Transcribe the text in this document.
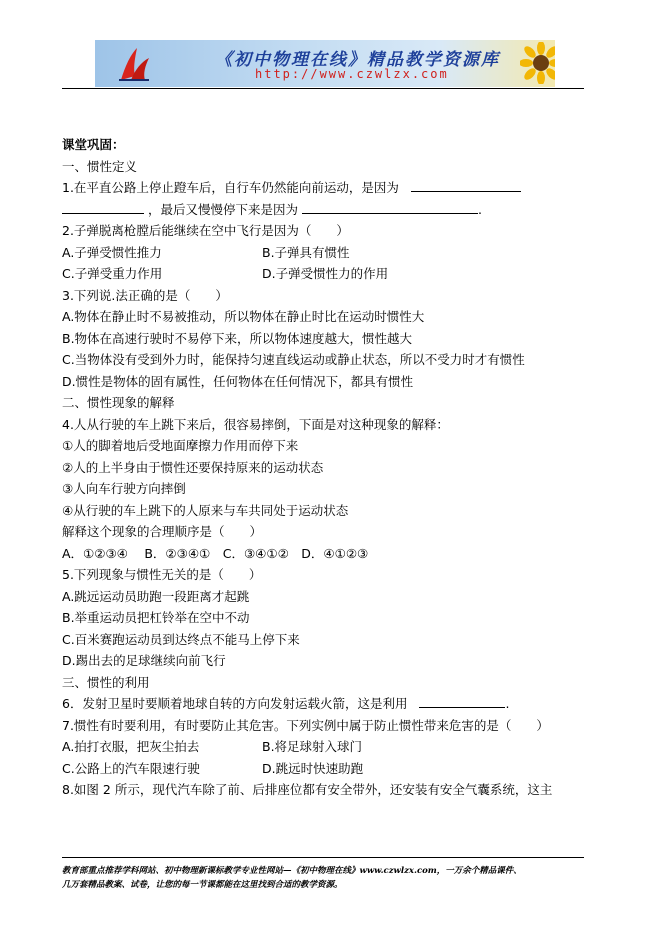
《初中物理在线》精品教学资源库
http://www.czwlzx.com
课堂巩固：
一、惯性定义
1.在平直公路上停止蹬车后，自行车仍然能向前运动，是因为
，最后又慢慢停下来是因为	.
2.子弹脱离枪膛后能继续在空中飞行是因为（　　）
A.子弹受惯性推力	B.子弹具有惯性
C.子弹受重力作用	D.子弹受惯性力的作用
3.下列说.法正确的是（　　）
A.物体在静止时不易被推动，所以物体在静止时比在运动时惯性大
B.物体在高速行驶时不易停下来，所以物体速度越大，惯性越大
C.当物体没有受到外力时，能保持匀速直线运动或静止状态，所以不受力时才有惯性
D.惯性是物体的固有属性，任何物体在任何情况下，都具有惯性
二、惯性现象的解释
4.人从行驶的车上跳下来后，很容易摔倒，下面是对这种现象的解释：
①人的脚着地后受地面摩擦力作用而停下来
②人的上半身由于惯性还要保持原来的运动状态
③人向车行驶方向摔倒
④从行驶的车上跳下的人原来与车共同处于运动状态
解释这个现象的合理顺序是（　　）
A．①②③④　 B．②③④①　C．③④①②　D．④①②③
5.下列现象与惯性无关的是（　　）
A.跳远运动员助跑一段距离才起跳
B.举重运动员把杠铃举在空中不动
C.百米赛跑运动员到达终点不能马上停下来
D.踢出去的足球继续向前飞行
三、惯性的利用
6．发射卫星时要顺着地球自转的方向发射运载火箭，这是利用	.
7.惯性有时要利用，有时要防止其危害。下列实例中属于防止惯性带来危害的是（　　）
A.拍打衣服，把灰尘拍去	B.将足球射入球门
C.公路上的汽车限速行驶	D.跳远时快速助跑
8.如图 2 所示，现代汽车除了前、后排座位都有安全带外，还安装有安全气囊系统，这主
教育部重点推荐学科网站、初中物理新课标教学专业性网站—《初中物理在线》www.czwlzx.com，一万余个精品课件、
几万套精品教案、试卷，让您的每一节课都能在这里找到合适的教学资源。
